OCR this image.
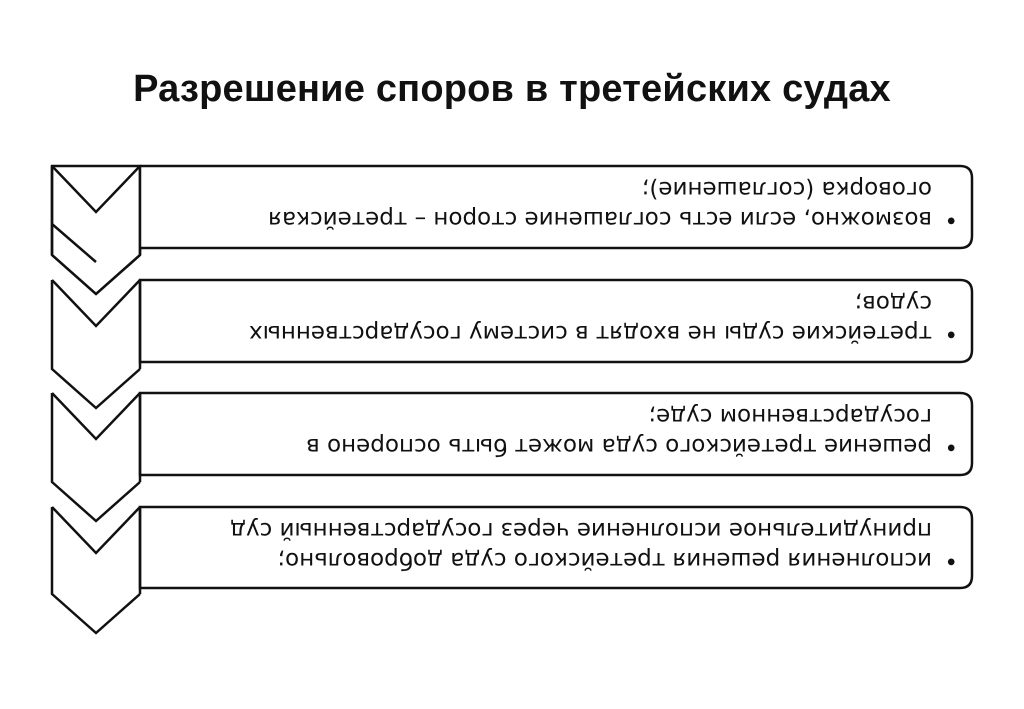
Разрешение споров в третейских судах
•
возможно, если есть соглашение сторон – третейская
оговорка (соглашение);
•
третейские суды не входят в систему государственных
судов;
•
решение третейского суда может быть оспорено в
государственном суде;
•
исполнения решения третейского суда добровольно;
принудительное исполнение через государственный суд
